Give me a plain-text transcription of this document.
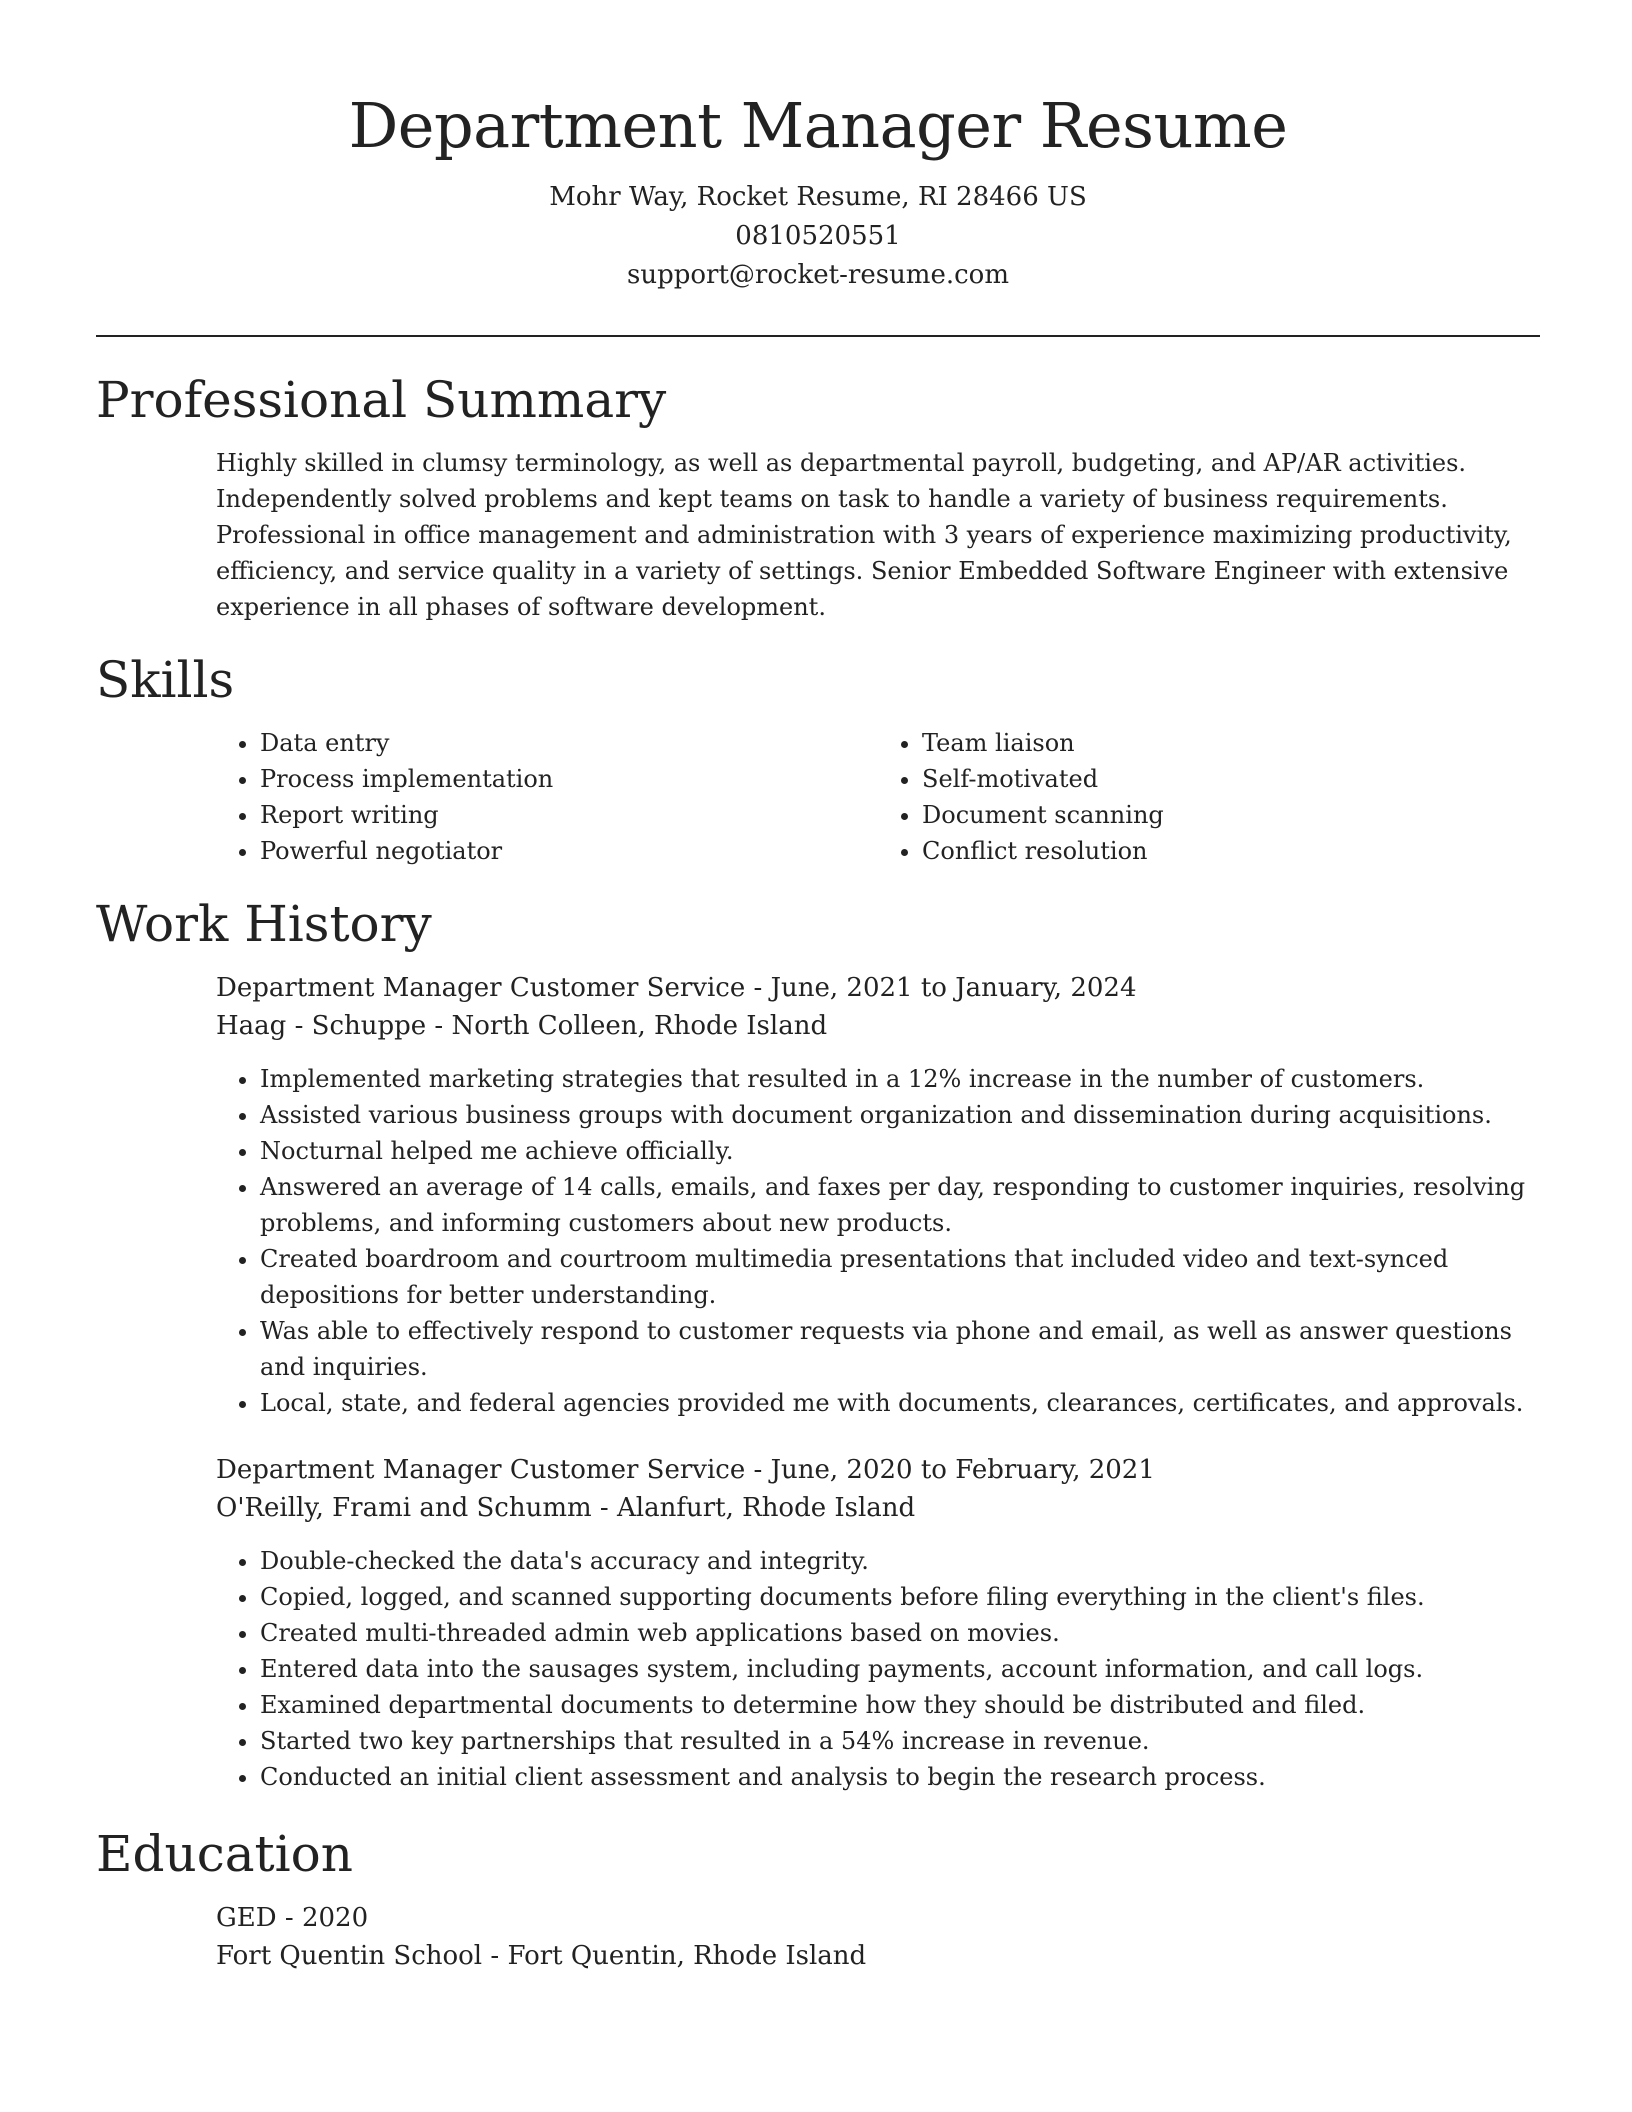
Department Manager Resume
Mohr Way, Rocket Resume, RI 28466 US
0810520551
support@rocket-resume.com
Professional Summary

Highly skilled in clumsy terminology, as well as departmental payroll, budgeting, and AP/AR activities. Independently solved problems and kept teams on task to handle a variety of business requirements. Professional in office management and administration with 3 years of experience maximizing productivity, efficiency, and service quality in a variety of settings. Senior Embedded Software Engineer with extensive experience in all phases of software development.

Skills
• Data entry
• Process implementation
• Report writing
• Powerful negotiator
• Team liaison
• Self-motivated
• Document scanning
• Conflict resolution
Work History

Department Manager Customer Service - June, 2021 to January, 2024

Haag - Schuppe - North Colleen, Rhode Island

• Implemented marketing strategies that resulted in a 12% increase in the number of customers.
• Assisted various business groups with document organization and dissemination during acquisitions.
• Nocturnal helped me achieve officially.
• Answered an average of 14 calls, emails, and faxes per day, responding to customer inquiries, resolving problems, and informing customers about new products.
• Created boardroom and courtroom multimedia presentations that included video and text-synced depositions for better understanding.
• Was able to effectively respond to customer requests via phone and email, as well as answer questions and inquiries.
• Local, state, and federal agencies provided me with documents, clearances, certificates, and approvals.

Department Manager Customer Service - June, 2020 to February, 2021

O'Reilly, Frami and Schumm - Alanfurt, Rhode Island

• Double-checked the data's accuracy and integrity.
• Copied, logged, and scanned supporting documents before filing everything in the client's files.
• Created multi-threaded admin web applications based on movies.
• Entered data into the sausages system, including payments, account information, and call logs.
• Examined departmental documents to determine how they should be distributed and filed.
• Started two key partnerships that resulted in a 54% increase in revenue.
• Conducted an initial client assessment and analysis to begin the research process.
Education

GED - 2020

Fort Quentin School - Fort Quentin, Rhode Island
